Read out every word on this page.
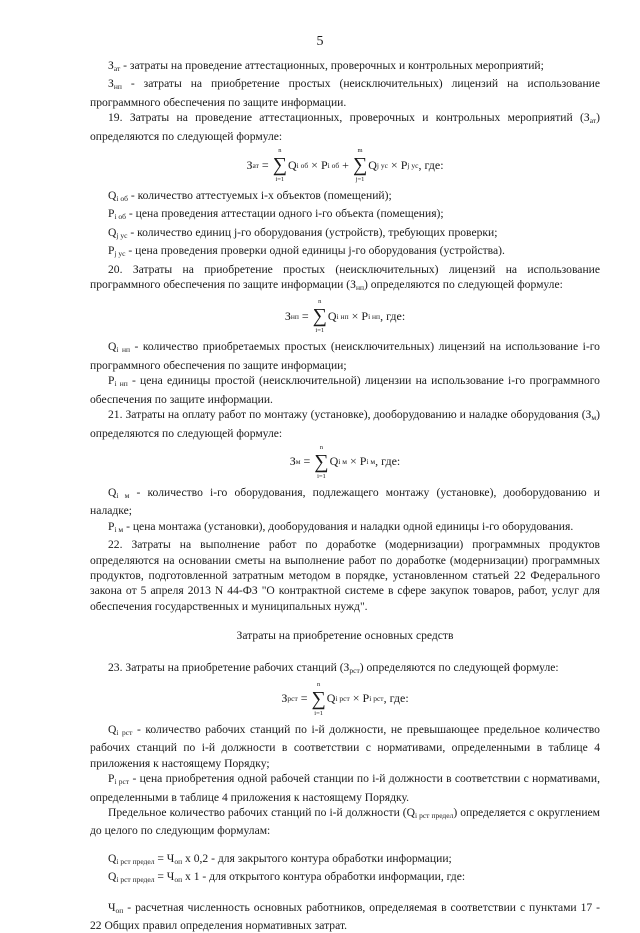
5

$З_{ат}$ - затраты на проведение аттестационных, проверочных и контрольных мероприятий;

$З_{нп}$ - затраты на приобретение простых (неисключительных) лицензий на использование программного обеспечения по защите информации.

19. Затраты на проведение аттестационных, проверочных и контрольных мероприятий $(З_{ат})$ определяются по следующей формуле:

З ат
=

n
∑
i=1
Q i об
×
P i об
+

m
∑
j=1
Q j ус
×
P j ус , где:

$Q_{i об}$ - количество аттестуемых i-х объектов (помещений);

$P_{i об}$ - цена проведения аттестации одного i-го объекта (помещения);

$Q_{j ус}$ - количество единиц j-го оборудования (устройств), требующих проверки;

$P_{j ус}$ - цена проведения проверки одной единицы j-го оборудования (устройства).

20. Затраты на приобретение простых (неисключительных) лицензий на использование программного обеспечения по защите информации $(З_{нп})$ определяются по следующей формуле:

З нп
=

n
∑
i=1
Q i нп
×
P i нп , где:

$Q_{i нп}$ - количество приобретаемых простых (неисключительных) лицензий на использование i-го программного обеспечения по защите информации;

$P_{i нп}$ - цена единицы простой (неисключительной) лицензии на использование i-го программного обеспечения по защите информации.

21. Затраты на оплату работ по монтажу (установке), дооборудованию и наладке оборудования $(З_м)$ определяются по следующей формуле:

З м
=

n
∑
i=1
Q i м
×
P i м , где:

$Q_{i м}$ - количество i-го оборудования, подлежащего монтажу (установке), дооборудованию и наладке;

$P_{i м}$ - цена монтажа (установки), дооборудования и наладки одной единицы i-го оборудования.

22. Затраты на выполнение работ по доработке (модернизации) программных продуктов определяются на основании сметы на выполнение работ по доработке (модернизации) программных продуктов, подготовленной затратным методом в порядке, установленном статьей 22 Федерального закона от 5 апреля 2013 N 44-ФЗ "О контрактной системе в сфере закупок товаров, работ, услуг для обеспечения государственных и муниципальных нужд".

Затраты на приобретение основных средств

23. Затраты на приобретение рабочих станций $(З_{рст})$ определяются по следующей формуле:

З рст
=

n
∑
i=1
Q i рст
×
P i рст , где:

$Q_{i рст}$ - количество рабочих станций по i-й должности, не превышающее предельное количество рабочих станций по i-й должности в соответствии с нормативами, определенными в таблице 4 приложения к настоящему Порядку;

$P_{i рст}$ - цена приобретения одной рабочей станции по i-й должности в соответствии с нормативами, определенными в таблице 4 приложения к настоящему Порядку.

Предельное количество рабочих станций по i-й должности $(Q_{i рст предел})$ определяется с округлением до целого по следующим формулам:

$Q_{i рст предел} = Ч_{оп}$ x 0,2 - для закрытого контура обработки информации;

$Q_{i рст предел} = Ч_{оп}$ x 1 - для открытого контура обработки информации, где:

$Ч_{оп}$ - расчетная численность основных работников, определяемая в соответствии с пунктами 17 - 22 Общих правил определения нормативных затрат.
